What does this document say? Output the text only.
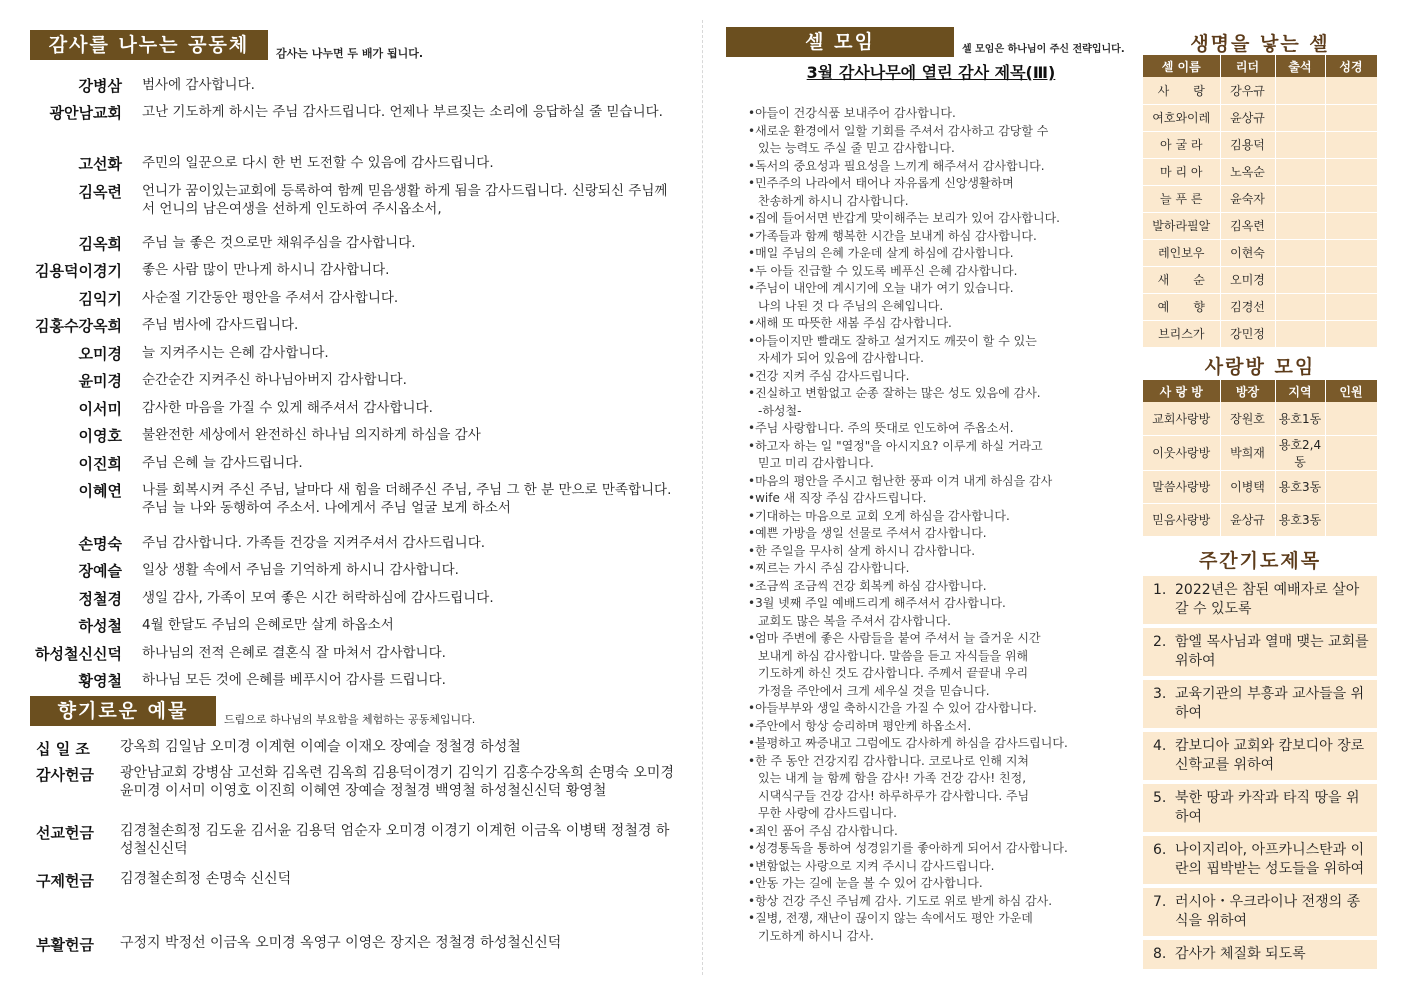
감사를 나누는 공동체	감사는 나누면 두 배가 됩니다.
강병삼 범사에 감사합니다.
광안남교회 고난 기도하게 하시는 주님 감사드립니다. 언제나 부르짖는 소리에 응답하실 줄 믿습니다.
고선화 주민의 일꾼으로 다시 한 번 도전할 수 있음에 감사드립니다.
김옥련 언니가 꿈이있는교회에 등록하여 함께 믿음생활 하게 됨을 감사드립니다. 신랑되신 주님께서 언니의 남은여생을 선하게 인도하여 주시옵소서,
김옥희 주님 늘 좋은 것으로만 채워주심을 감사합니다.
김용덕이경기 좋은 사람 많이 만나게 하시니 감사합니다.
김익기 사순절 기간동안 평안을 주셔서 감사합니다.
김홍수강옥희 주님 범사에 감사드립니다.
오미경 늘 지켜주시는 은혜 감사합니다.
윤미경 순간순간 지켜주신 하나님아버지 감사합니다.
이서미 감사한 마음을 가질 수 있게 해주셔서 감사합니다.
이영호 불완전한 세상에서 완전하신 하나님 의지하게 하심을 감사
이진희 주님 은혜 늘 감사드립니다.
이혜연 나를 회복시켜 주신 주님, 날마다 새 힘을 더해주신 주님, 주님 그 한 분 만으로 만족합니다. 주님 늘 나와 동행하여 주소서. 나에게서 주님 얼굴 보게 하소서
손명숙 주님 감사합니다. 가족들 건강을 지켜주셔서 감사드립니다.
장예슬 일상 생활 속에서 주님을 기억하게 하시니 감사합니다.
정철경 생일 감사, 가족이 모여 좋은 시간 허락하심에 감사드립니다.
하성철 4월 한달도 주님의 은혜로만 살게 하옵소서
하성철신신덕 하나님의 전적 은혜로 결혼식 잘 마쳐서 감사합니다.
황영철 하나님 모든 것에 은혜를 베푸시어 감사를 드립니다.
향기로운 예물	드림으로 하나님의 부요함을 체험하는 공동체입니다.
십 일 조	강옥희 김일남 오미경 이계현 이예슬 이재오 장예슬 정철경 하성철
감사헌금	광안남교회 강병삼 고선화 김옥련 김옥희 김용덕이경기 김익기 김홍수강옥희 손명숙 오미경 윤미경 이서미 이영호 이진희 이혜연 장예슬 정철경 백영철 하성철신신덕 황영철
선교헌금	김경철손희정 김도윤 김서윤 김용덕 엄순자 오미경 이경기 이계헌 이금옥 이병택 정철경 하성철신신덕
구제헌금	김경철손희정 손명숙 신신덕
부활헌금	구정지 박정선 이금옥 오미경 옥영구 이영은 장지은 정철경 하성철신신덕
셀 모임	셀 모임은 하나님이 주신 전략입니다.
3월 감사나무에 열린 감사 제목(Ⅲ)
•아들이 건강식품 보내주어 감사합니다.
•새로운 환경에서 일할 기회를 주셔서 감사하고 감당할 수
있는 능력도 주실 줄 믿고 감사합니다.
•독서의 중요성과 필요성을 느끼게 해주셔서 감사합니다.
•민주주의 나라에서 태어나 자유롭게 신앙생활하며
찬송하게 하시니 감사합니다.
•집에 들어서면 반갑게 맞이해주는 보리가 있어 감사합니다.
•가족들과 함께 행복한 시간을 보내게 하심 감사합니다.
•매일 주님의 은혜 가운데 살게 하심에 감사합니다.
•두 아들 진급할 수 있도록 베푸신 은혜 감사합니다.
•주님이 내안에 계시기에 오늘 내가 여기 있습니다.
나의 나된 것 다 주님의 은혜입니다.
•새해 또 따뜻한 새봄 주심 감사합니다.
•아들이지만 빨래도 잘하고 설거지도 깨끗이 할 수 있는
자세가 되어 있음에 감사합니다.
•건강 지켜 주심 감사드립니다.
•진실하고 변함없고 순종 잘하는 많은 성도 있음에 감사.
-하성철-
•주님 사랑합니다. 주의 뜻대로 인도하여 주옵소서.
•하고자 하는 일 "열정"을 아시지요? 이루게 하실 거라고
믿고 미리 감사합니다.
•마음의 평안을 주시고 험난한 풍파 이겨 내게 하심을 감사
•wife 새 직장 주심 감사드립니다.
•기대하는 마음으로 교회 오게 하심을 감사합니다.
•예쁜 가방을 생일 선물로 주셔서 감사합니다.
•한 주일을 무사히 살게 하시니 감사합니다.
•찌르는 가시 주심 감사합니다.
•조금씩 조금씩 건강 회복케 하심 감사합니다.
•3월 넷째 주일 예배드리게 해주셔서 감사합니다.
교회도 많은 복을 주셔서 감사합니다.
•엄마 주변에 좋은 사람들을 붙여 주셔서 늘 즐거운 시간
보내게 하심 감사합니다. 말씀을 듣고 자식들을 위해
기도하게 하신 것도 감사합니다. 주께서 끝끝내 우리
가정을 주안에서 크게 세우실 것을 믿습니다.
•아들부부와 생일 축하시간을 가질 수 있어 감사합니다.
•주안에서 항상 승리하며 평안케 하옵소서.
•불평하고 짜증내고 그럼에도 감사하게 하심을 감사드립니다.
•한 주 동안 건강지킴 감사합니다. 코로나로 인해 지쳐
있는 내게 늘 함께 함을 감사! 가족 건강 감사! 친정,
시댁식구들 건강 감사! 하루하루가 감사합니다. 주님
무한 사랑에 감사드립니다.
•죄인 품어 주심 감사합니다.
•성경통독을 통하여 성경읽기를 좋아하게 되어서 감사합니다.
•변함없는 사랑으로 지켜 주시니 감사드립니다.
•안동 가는 길에 눈을 볼 수 있어 감사합니다.
•항상 건강 주신 주님께 감사. 기도로 위로 받게 하심 감사.
•질병, 전쟁, 재난이 끊이지 않는 속에서도 평안 가운데
기도하게 하시니 감사.
생명을 낳는 셀
셀 이름	리더	출석	성경
사　　랑	강우규		
여호와이레	윤상규		
아 굴 라	김용덕		
마 리 아	노옥순		
늘 푸 른	윤숙자		
발하라필알	김옥련		
레인보우	이현숙		
새　　순	오미경		
예　　향	김경선		
브리스가	강민정		
사랑방 모임
사 랑 방	방장	지역	인원
교회사랑방	장원호	용호1동	
이웃사랑방	박희재	용호2,4동	
말씀사랑방	이병택	용호3동	
믿음사랑방	윤상규	용호3동	
주간기도제목
1. 2022년은 참된 예배자로 살아갈 수 있도록
2. 함엘 목사님과 열매 맺는 교회를 위하여
3. 교육기관의 부흥과 교사들을 위하여
4. 캄보디아 교회와 캄보디아 장로신학교를 위하여
5. 북한 땅과 카작과 타직 땅을 위하여
6. 나이지리아, 아프카니스탄과 이란의 핍박받는 성도들을 위하여
7. 러시아・우크라이나 전쟁의 종식을 위하여
8. 감사가 체질화 되도록
